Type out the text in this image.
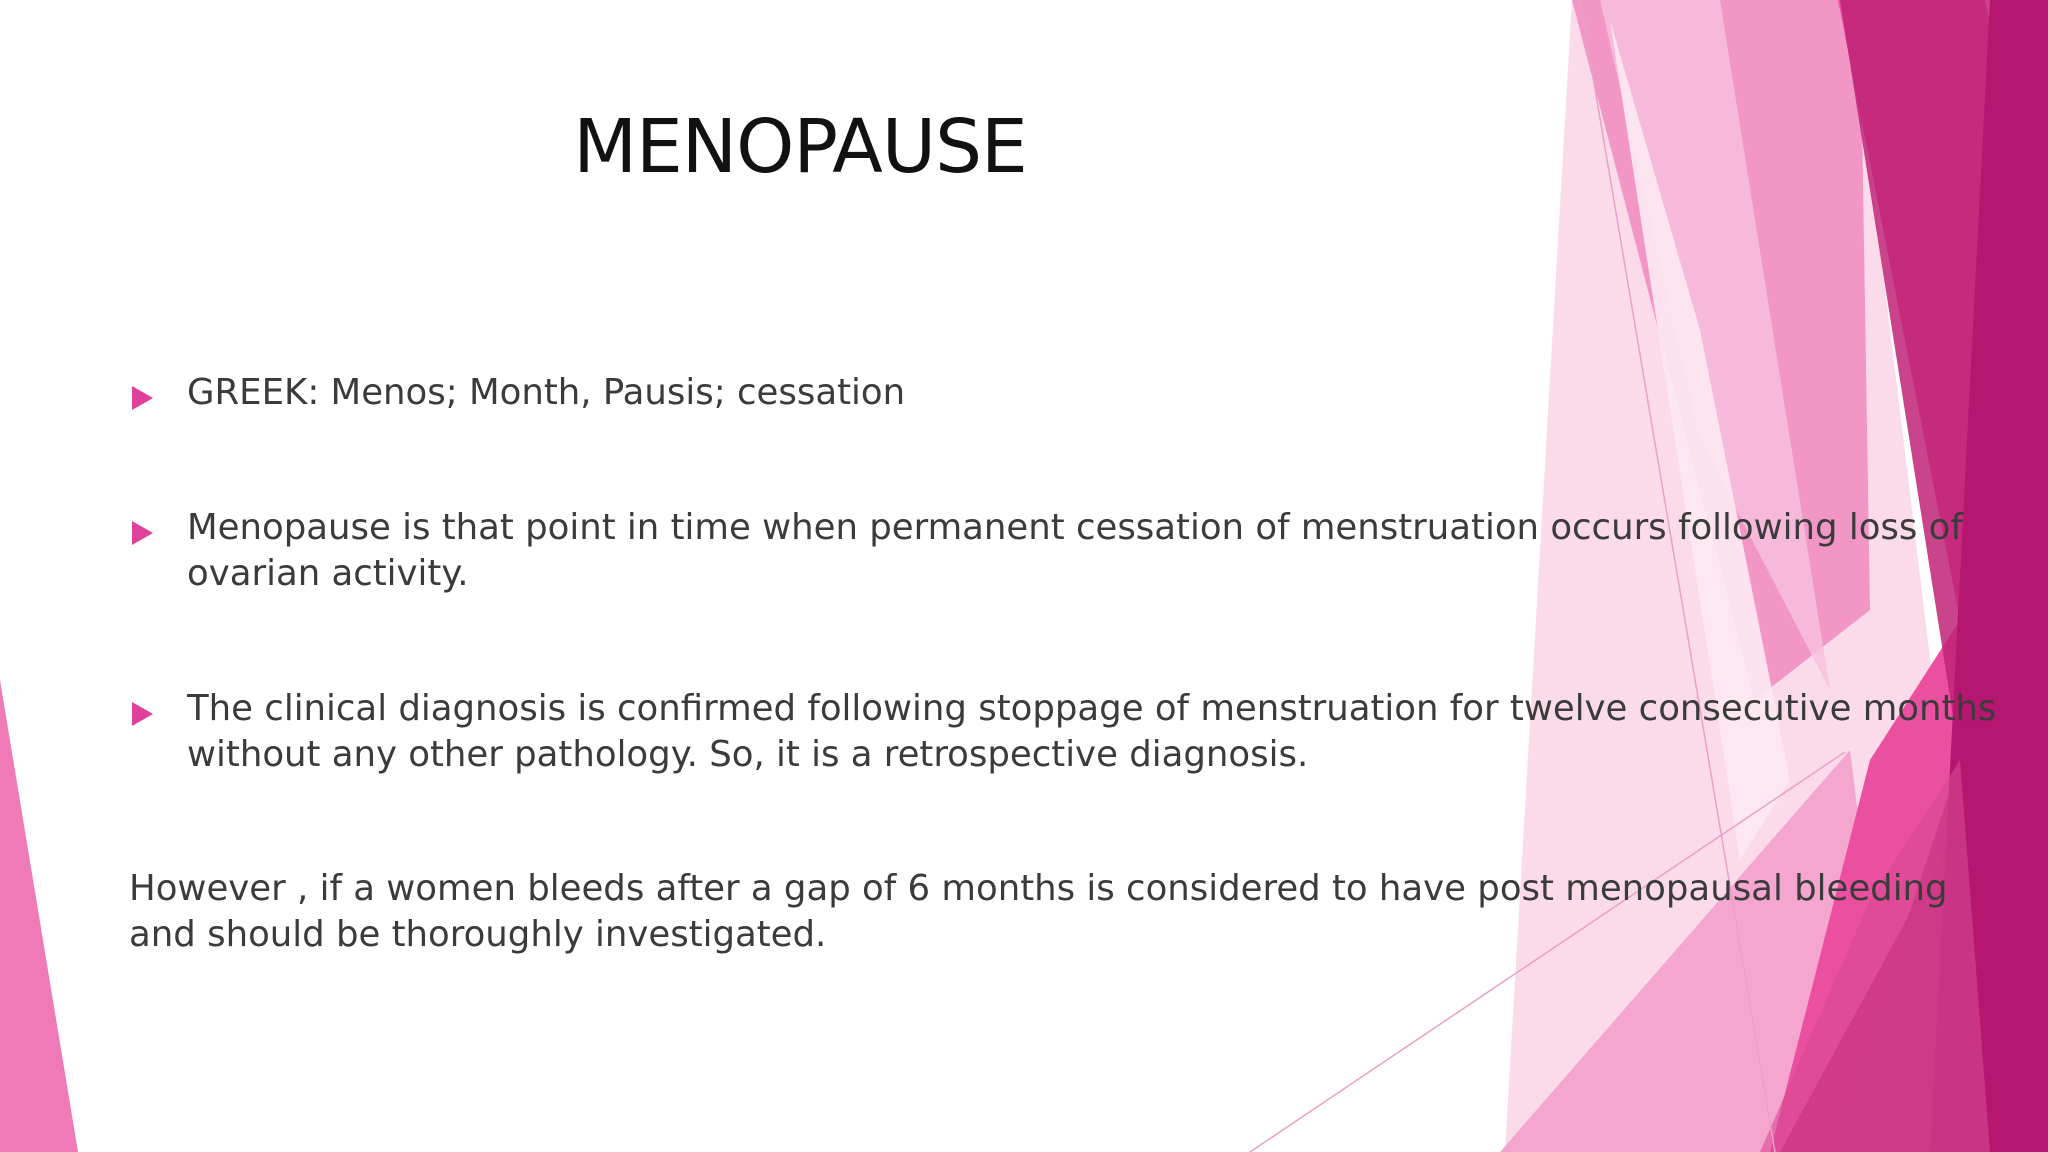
MENOPAUSE

GREEK: Menos; Month, Pausis; cessation

Menopause is that point in time when permanent cessation of menstruation occurs following loss of ovarian activity.

The clinical diagnosis is confirmed following stoppage of menstruation for twelve consecutive months without any other pathology. So, it is a retrospective diagnosis.

However , if a women bleeds after a gap of 6 months is considered to have post menopausal bleeding and should be thoroughly investigated.
